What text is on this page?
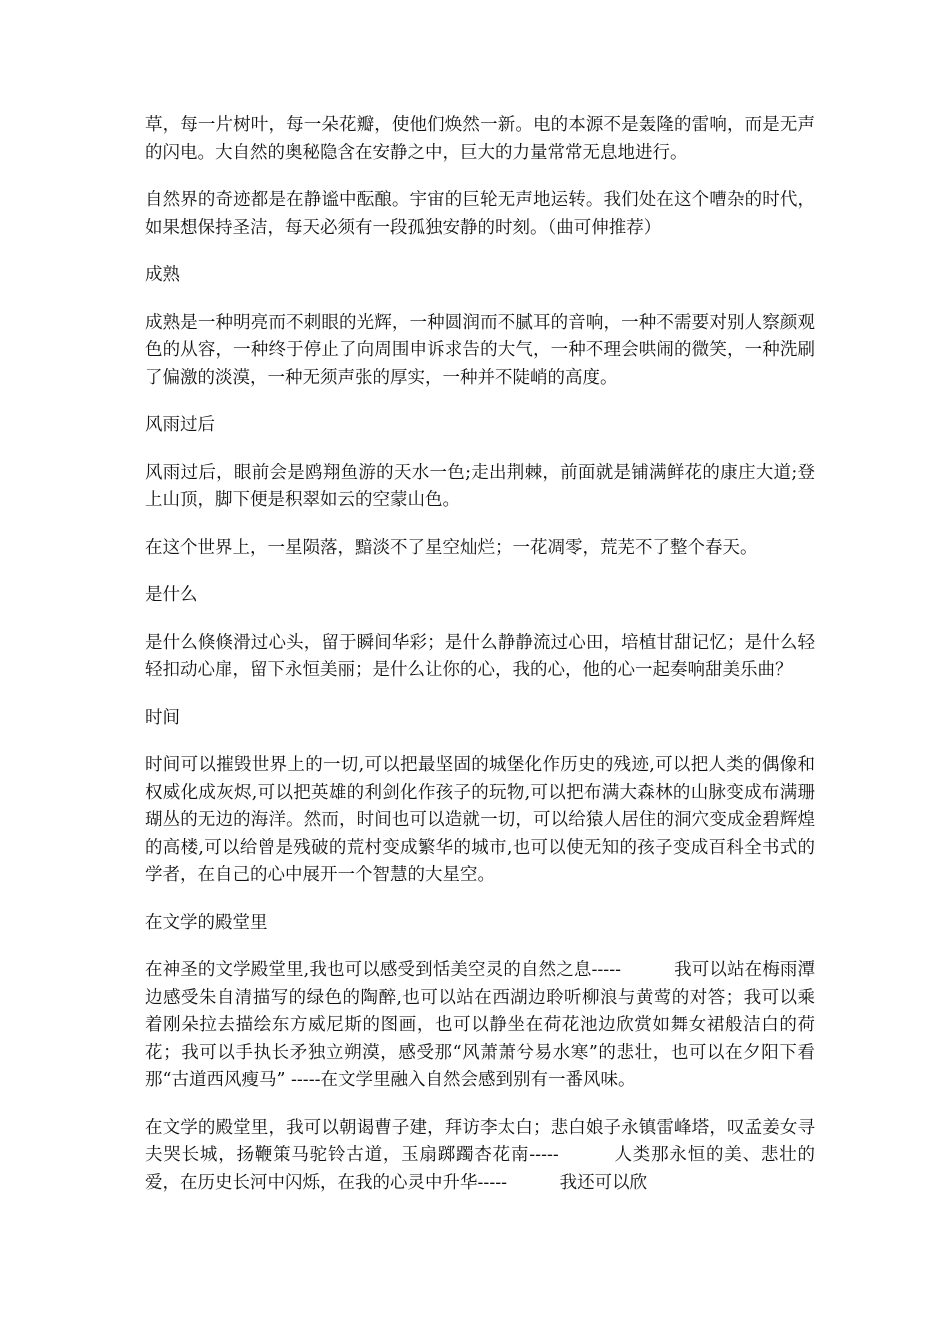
草，每一片树叶，每一朵花瓣，使他们焕然一新。电的本源不是轰隆的雷响，而是无声的闪电。大自然的奥秘隐含在安静之中，巨大的力量常常无息地进行。

自然界的奇迹都是在静谧中酝酿。宇宙的巨轮无声地运转。我们处在这个嘈杂的时代，如果想保持圣洁，每天必须有一段孤独安静的时刻。（曲可伸推荐）

成熟

成熟是一种明亮而不刺眼的光辉，一种圆润而不腻耳的音响，一种不需要对别人察颜观色的从容，一种终于停止了向周围申诉求告的大气，一种不理会哄闹的微笑，一种洗刷了偏激的淡漠，一种无须声张的厚实，一种并不陡峭的高度。

风雨过后

风雨过后，眼前会是鸥翔鱼游的天水一色;走出荆棘，前面就是铺满鲜花的康庄大道;登上山顶，脚下便是积翠如云的空蒙山色。

在这个世界上，一星陨落，黯淡不了星空灿烂；一花凋零，荒芜不了整个春天。

是什么

是什么倏倏滑过心头，留于瞬间华彩；是什么静静流过心田，培植甘甜记忆；是什么轻轻扣动心扉，留下永恒美丽；是什么让你的心，我的心，他的心一起奏响甜美乐曲？

时间

时间可以摧毁世界上的一切,可以把最坚固的城堡化作历史的残迹,可以把人类的偶像和权威化成灰烬,可以把英雄的利剑化作孩子的玩物,可以把布满大森林的山脉变成布满珊瑚丛的无边的海洋。然而，时间也可以造就一切，可以给猿人居住的洞穴变成金碧辉煌的高楼,可以给曾是残破的荒村变成繁华的城市,也可以使无知的孩子变成百科全书式的学者，在自己的心中展开一个智慧的大星空。

在文学的殿堂里

在神圣的文学殿堂里,我也可以感受到恬美空灵的自然之息-----　　　我可以站在梅雨潭边感受朱自清描写的绿色的陶醉,也可以站在西湖边聆听柳浪与黄莺的对答；我可以乘着刚朵拉去描绘东方威尼斯的图画，也可以静坐在荷花池边欣赏如舞女裙般洁白的荷花；我可以手执长矛独立朔漠，感受那“风萧萧兮易水寒”的悲壮，也可以在夕阳下看那“古道西风瘦马” -----在文学里融入自然会感到别有一番风味。

在文学的殿堂里，我可以朝谒曹子建，拜访李太白；悲白娘子永镇雷峰塔，叹孟姜女寻夫哭长城，扬鞭策马驼铃古道，玉扇踯躅杏花南-----　　　人类那永恒的美、悲壮的爱，在历史长河中闪烁，在我的心灵中升华-----　　　我还可以欣
